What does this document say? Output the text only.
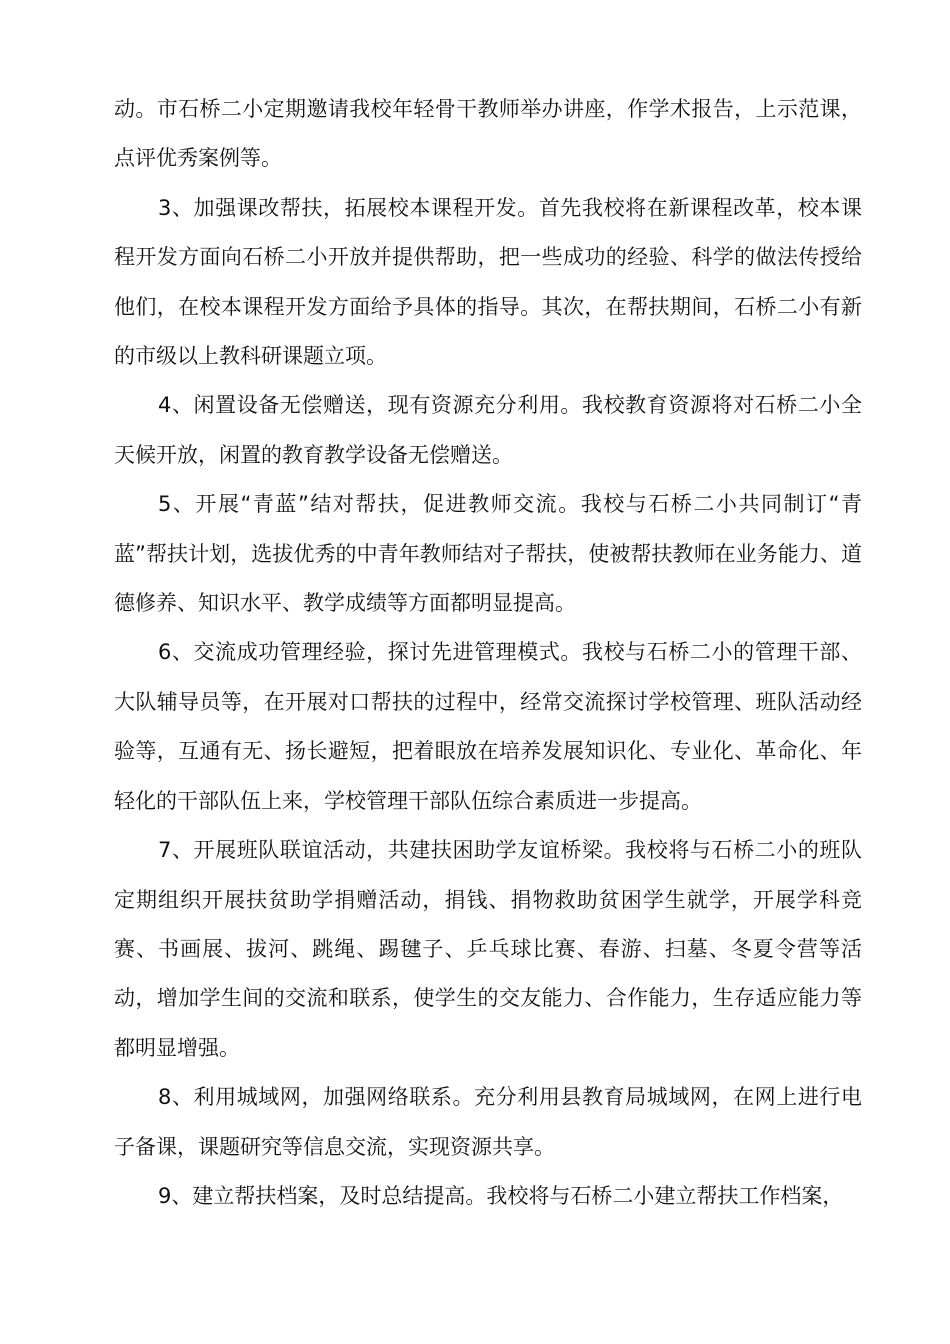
动。市石桥二小定期邀请我校年轻骨干教师举办讲座，作学术报告，上示范课，点评优秀案例等。

3、加强课改帮扶，拓展校本课程开发。首先我校将在新课程改革，校本课程开发方面向石桥二小开放并提供帮助，把一些成功的经验、科学的做法传授给他们，在校本课程开发方面给予具体的指导。其次，在帮扶期间，石桥二小有新的市级以上教科研课题立项。

4、闲置设备无偿赠送，现有资源充分利用。我校教育资源将对石桥二小全天候开放，闲置的教育教学设备无偿赠送。

5、开展“青蓝”结对帮扶，促进教师交流。我校与石桥二小共同制订“青蓝”帮扶计划，选拔优秀的中青年教师结对子帮扶，使被帮扶教师在业务能力、道德修养、知识水平、教学成绩等方面都明显提高。

6、交流成功管理经验，探讨先进管理模式。我校与石桥二小的管理干部、大队辅导员等，在开展对口帮扶的过程中，经常交流探讨学校管理、班队活动经验等，互通有无、扬长避短，把着眼放在培养发展知识化、专业化、革命化、年轻化的干部队伍上来，学校管理干部队伍综合素质进一步提高。

7、开展班队联谊活动，共建扶困助学友谊桥梁。我校将与石桥二小的班队定期组织开展扶贫助学捐赠活动，捐钱、捐物救助贫困学生就学，开展学科竞赛、书画展、拔河、跳绳、踢毽子、乒乓球比赛、春游、扫墓、冬夏令营等活动，增加学生间的交流和联系，使学生的交友能力、合作能力，生存适应能力等都明显增强。

8、利用城域网，加强网络联系。充分利用县教育局城域网，在网上进行电子备课，课题研究等信息交流，实现资源共享。

9、建立帮扶档案，及时总结提高。我校将与石桥二小建立帮扶工作档案，
